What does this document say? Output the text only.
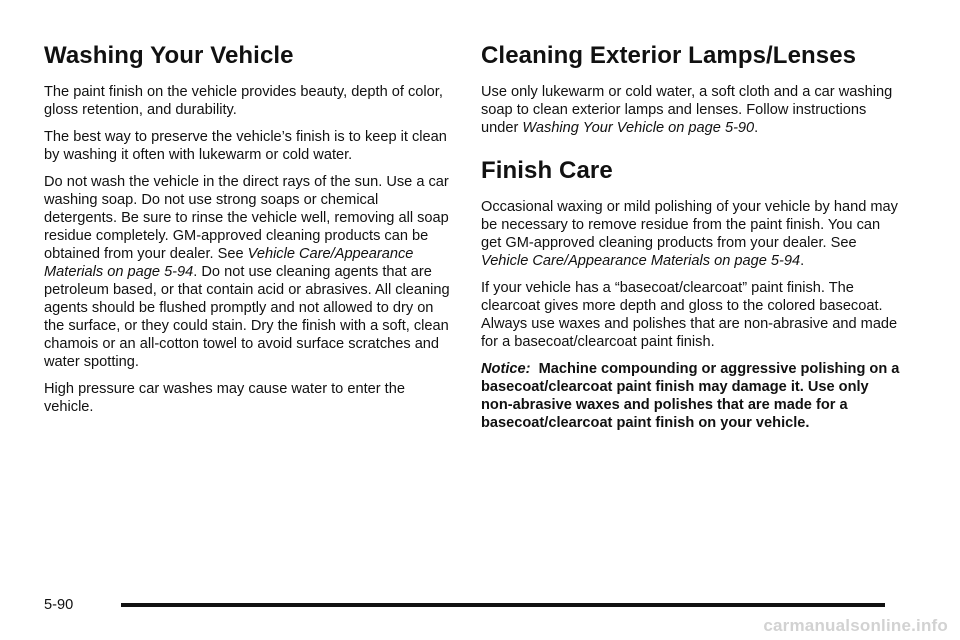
Washing Your Vehicle

The paint finish on the vehicle provides beauty, depth of color, gloss retention, and durability.

The best way to preserve the vehicle’s finish is to keep it clean by washing it often with lukewarm or cold water.

Do not wash the vehicle in the direct rays of the sun. Use a car washing soap. Do not use strong soaps or chemical detergents. Be sure to rinse the vehicle well, removing all soap residue completely. GM-approved cleaning products can be obtained from your dealer. See Vehicle Care/Appearance Materials on page 5-94. Do not use cleaning agents that are petroleum based, or that contain acid or abrasives. All cleaning agents should be flushed promptly and not allowed to dry on the surface, or they could stain. Dry the finish with a soft, clean chamois or an all-cotton towel to avoid surface scratches and water spotting.

High pressure car washes may cause water to enter the vehicle.

Cleaning Exterior Lamps/Lenses

Use only lukewarm or cold water, a soft cloth and a car washing soap to clean exterior lamps and lenses. Follow instructions under Washing Your Vehicle on page 5-90.

Finish Care

Occasional waxing or mild polishing of your vehicle by hand may be necessary to remove residue from the paint finish. You can get GM-approved cleaning products from your dealer. See Vehicle Care/Appearance Materials on page 5-94.

If your vehicle has a “basecoat/clearcoat” paint finish. The clearcoat gives more depth and gloss to the colored basecoat. Always use waxes and polishes that are non-abrasive and made for a basecoat/clearcoat paint finish.

Notice: Machine compounding or aggressive polishing on a basecoat/clearcoat paint finish may damage it. Use only non-abrasive waxes and polishes that are made for a basecoat/clearcoat paint finish on your vehicle.

5-90
carmanualsonline.info
